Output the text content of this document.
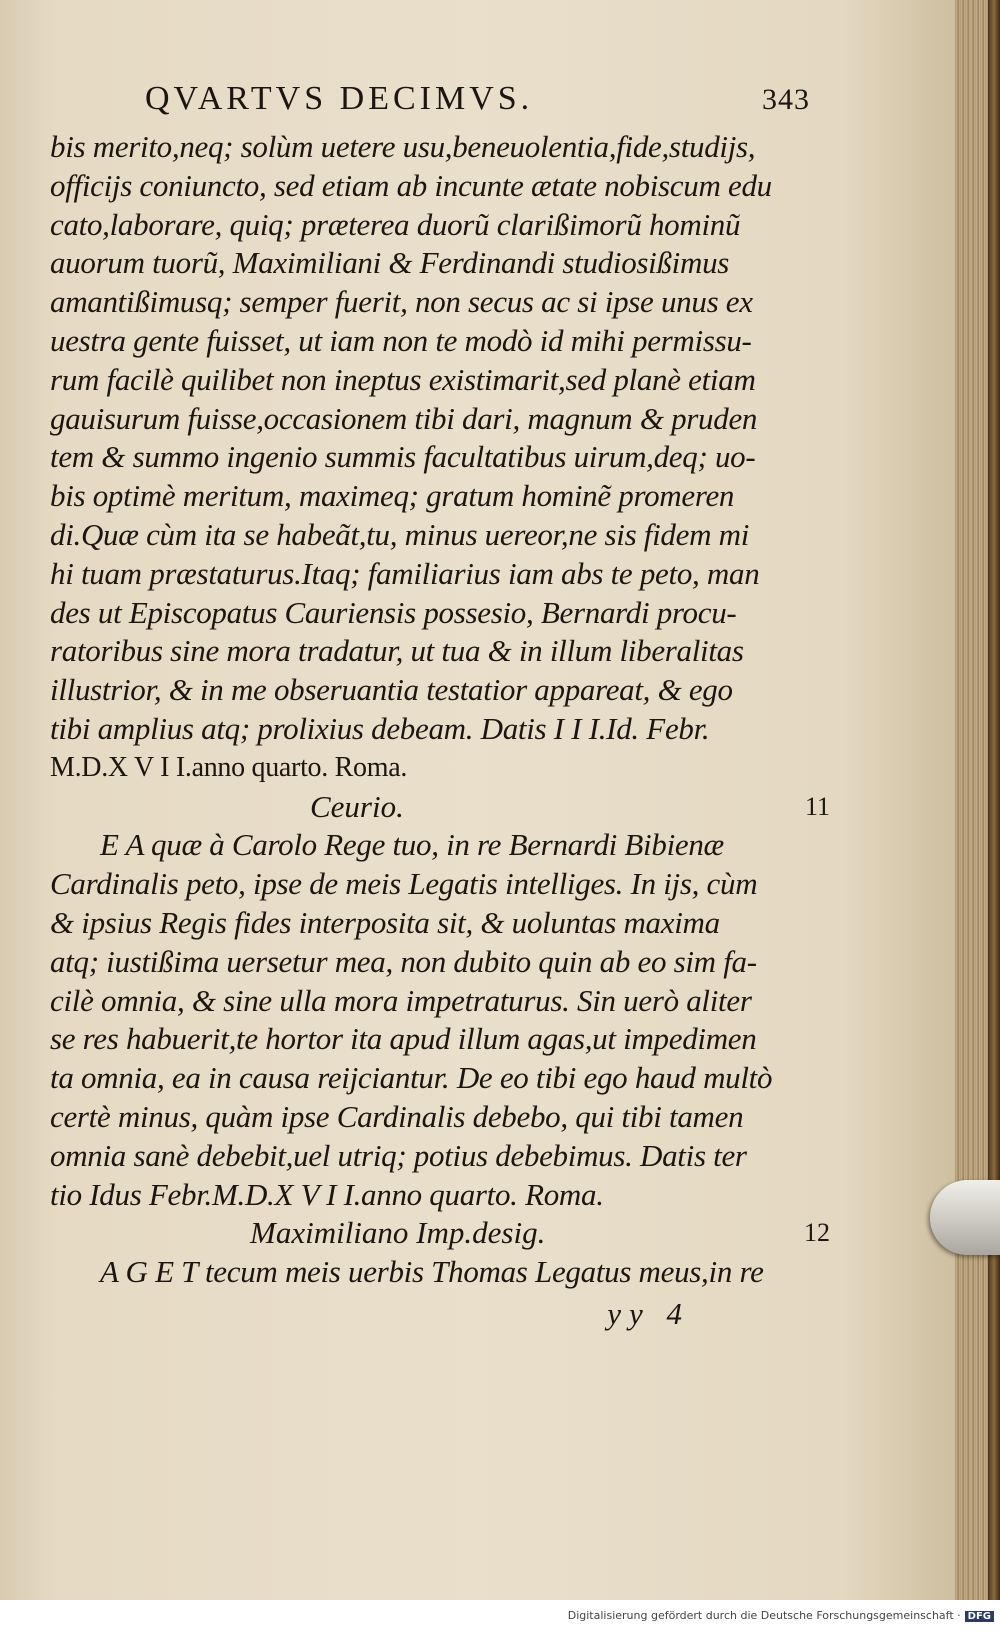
QVARTVS DECIMVS.	343
bis merito,neq; solùm uetere usu,beneuolentia,fide,studijs,
officijs coniuncto, sed etiam ab incunte ætate nobiscum edu
cato,laborare, quiq; præterea duorũ clarißimorũ hominũ
auorum tuorũ, Maximiliani & Ferdinandi studiosißimus
amantißimusq; semper fuerit, non secus ac si ipse unus ex
uestra gente fuisset, ut iam non te modò id mihi permissu-
rum facilè quilibet non ineptus existimarit,sed planè etiam
gauisurum fuisse,occasionem tibi dari, magnum & pruden
tem & summo ingenio summis facultatibus uirum,deq; uo-
bis optimè meritum, maximeq; gratum hominẽ promeren
di.Quæ cùm ita se habeãt,tu, minus uereor,ne sis fidem mi
hi tuam præstaturus.Itaq; familiarius iam abs te peto, man
des ut Episcopatus Cauriensis possesio, Bernardi procu-
ratoribus sine mora tradatur, ut tua & in illum liberalitas
illustrior, & in me obseruantia testatior appareat, & ego
tibi amplius atq; prolixius debeam. Datis I I I.Id. Febr.
M.D.X V I I.anno quarto. Roma.
Ceurio.	11
E A quæ à Carolo Rege tuo, in re Bernardi Bibienæ
Cardinalis peto, ipse de meis Legatis intelliges. In ijs, cùm
& ipsius Regis fides interposita sit, & uoluntas maxima
atq; iustißima uersetur mea, non dubito quin ab eo sim fa-
cilè omnia, & sine ulla mora impetraturus. Sin uerò aliter
se res habuerit,te hortor ita apud illum agas,ut impedimen
ta omnia, ea in causa reijciantur. De eo tibi ego haud multò
certè minus, quàm ipse Cardinalis debebo, qui tibi tamen
omnia sanè debebit,uel utriq; potius debebimus. Datis ter
tio Idus Febr.M.D.X V I I.anno quarto. Roma.
Maximiliano Imp.desig.	12
A G E T tecum meis uerbis Thomas Legatus meus,in re
yy 4
Digitalisierung gefördert durch die Deutsche Forschungsgemeinschaft · DFG
